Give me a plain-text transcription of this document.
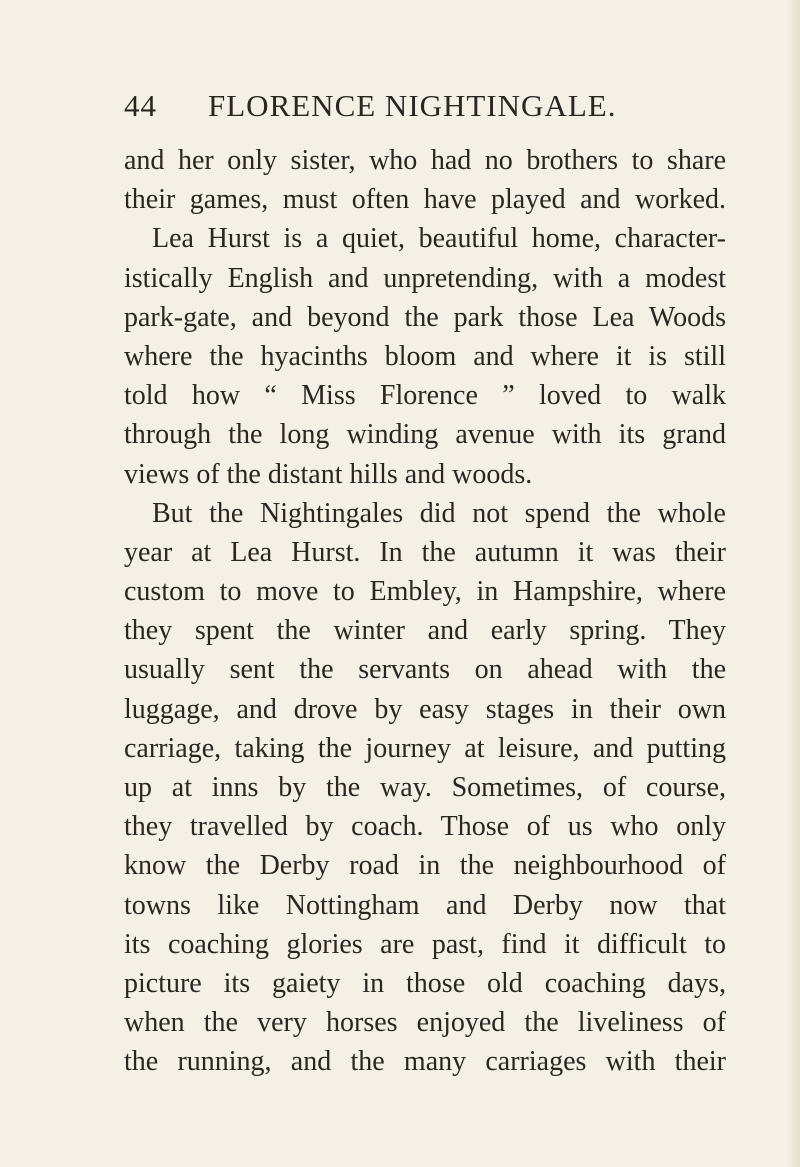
44 FLORENCE NIGHTINGALE.
and her only sister, who had no brothers to share
their games, must often have played and worked.
Lea Hurst is a quiet, beautiful home, character-
istically English and unpretending, with a modest
park-gate, and beyond the park those Lea Woods
where the hyacinths bloom and where it is still
told how “ Miss Florence ” loved to walk
through the long winding avenue with its grand
views of the distant hills and woods.
But the Nightingales did not spend the whole
year at Lea Hurst. In the autumn it was their
custom to move to Embley, in Hampshire, where
they spent the winter and early spring. They
usually sent the servants on ahead with the
luggage, and drove by easy stages in their own
carriage, taking the journey at leisure, and putting
up at inns by the way. Sometimes, of course,
they travelled by coach. Those of us who only
know the Derby road in the neighbourhood of
towns like Nottingham and Derby now that
its coaching glories are past, find it difficult to
picture its gaiety in those old coaching days,
when the very horses enjoyed the liveliness of
the running, and the many carriages with their
